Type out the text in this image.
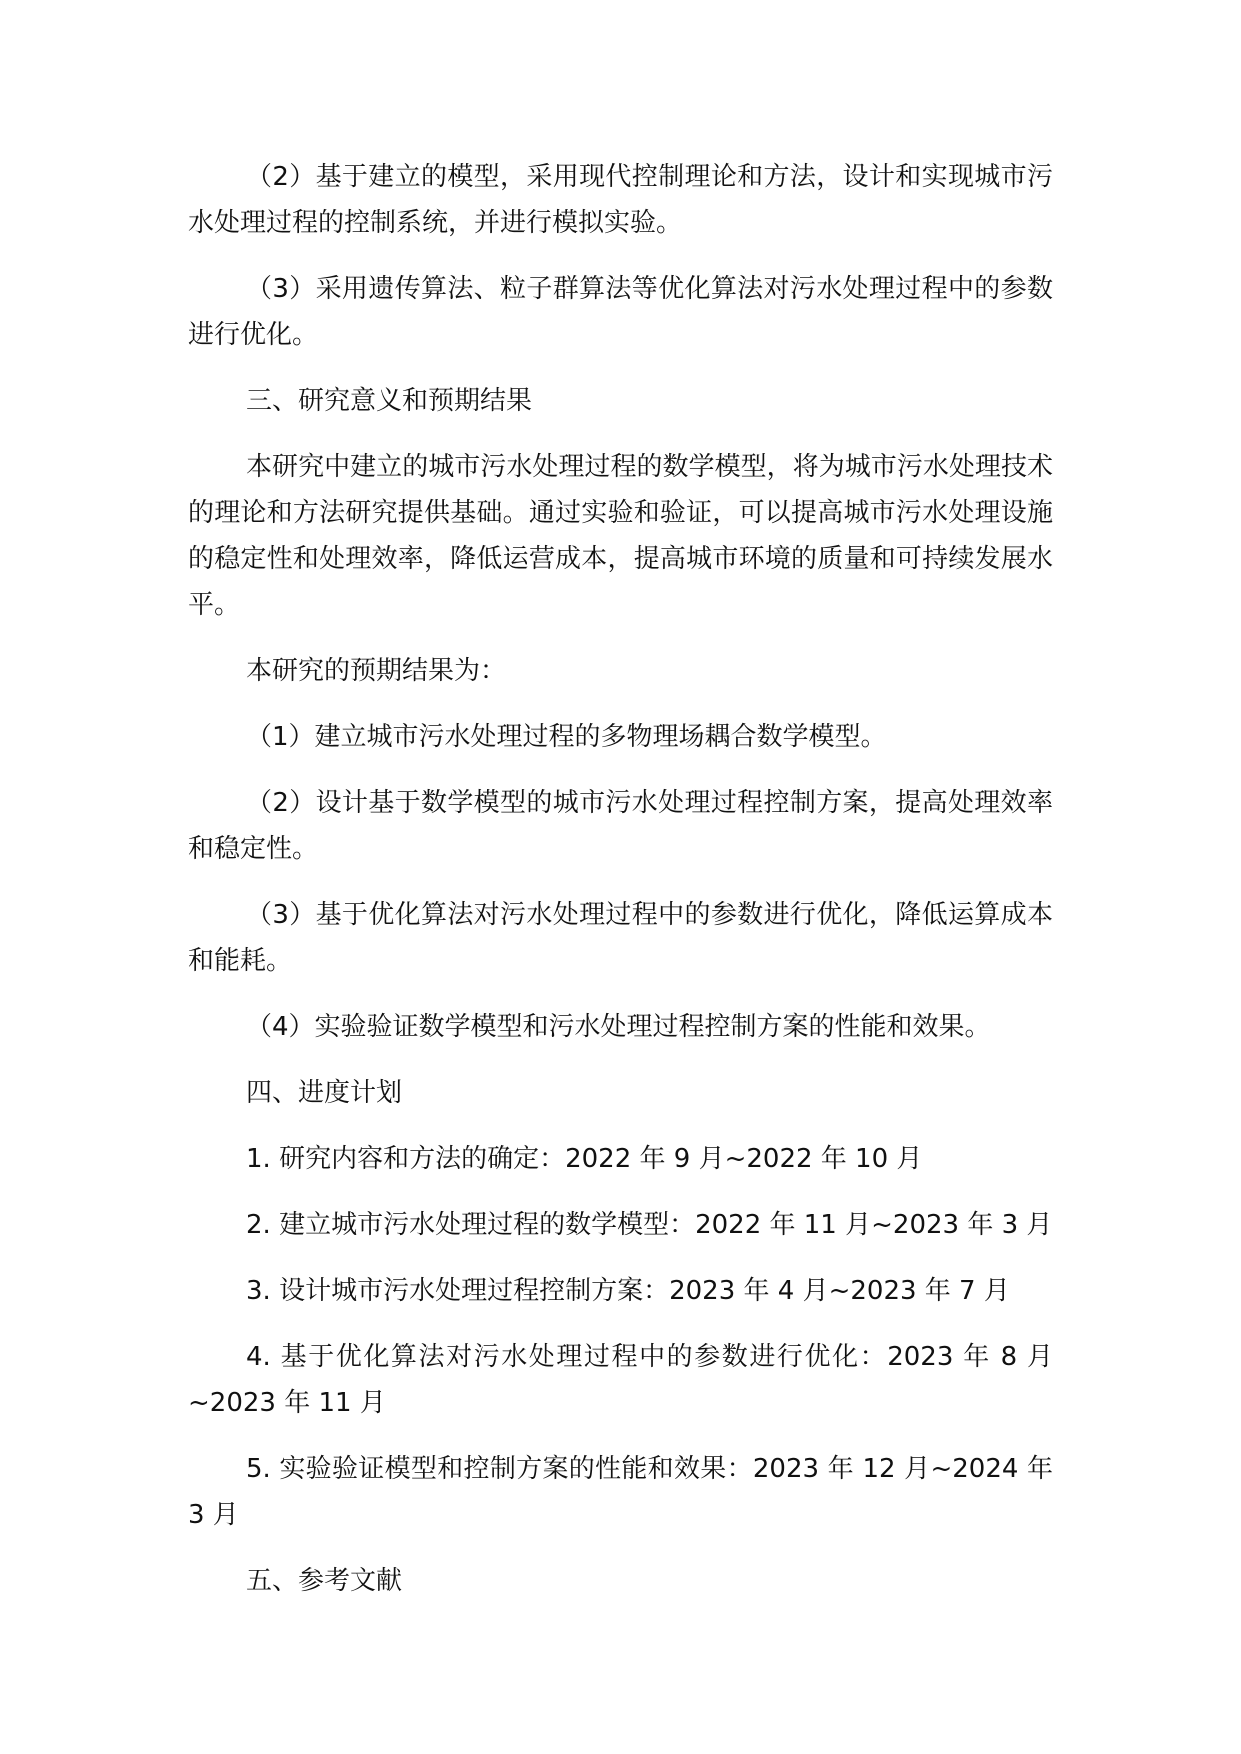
（2）基于建立的模型，采用现代控制理论和方法，设计和实现城市污水处理过程的控制系统，并进行模拟实验。

（3）采用遗传算法、粒子群算法等优化算法对污水处理过程中的参数进行优化。

三、研究意义和预期结果

本研究中建立的城市污水处理过程的数学模型，将为城市污水处理技术的理论和方法研究提供基础。通过实验和验证，可以提高城市污水处理设施的稳定性和处理效率，降低运营成本，提高城市环境的质量和可持续发展水平。

本研究的预期结果为：

（1）建立城市污水处理过程的多物理场耦合数学模型。

（2）设计基于数学模型的城市污水处理过程控制方案，提高处理效率和稳定性。

（3）基于优化算法对污水处理过程中的参数进行优化，降低运算成本和能耗。

（4）实验验证数学模型和污水处理过程控制方案的性能和效果。

四、进度计划

1. 研究内容和方法的确定：2022 年 9 月~2022 年 10 月

2. 建立城市污水处理过程的数学模型：2022 年 11 月~2023 年 3 月

3. 设计城市污水处理过程控制方案：2023 年 4 月~2023 年 7 月

4. 基于优化算法对污水处理过程中的参数进行优化：2023 年 8 月~2023 年 11 月

5. 实验验证模型和控制方案的性能和效果：2023 年 12 月~2024 年 3 月

五、参考文献
